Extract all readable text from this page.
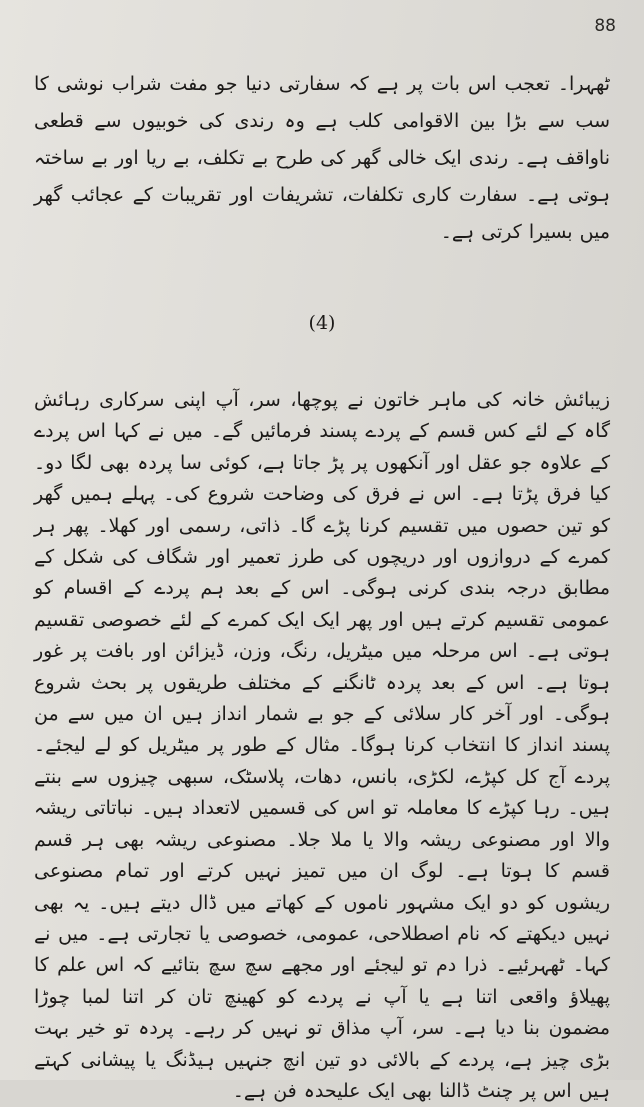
88

ٹھہرا۔ تعجب اس بات پر ہے کہ سفارتی دنیا جو مفت شراب نوشی کا سب سے بڑا بین الاقوامی کلب ہے وہ رندی کی خوبیوں سے قطعی ناواقف ہے۔ رندی ایک خالی گھر کی طرح بے تکلف، بے ریا اور بے ساختہ ہوتی ہے۔ سفارت کاری تکلفات، تشریفات اور تقریبات کے عجائب گھر میں بسیرا کرتی ہے۔

(4)

زیبائش خانہ کی ماہر خاتون نے پوچھا، سر، آپ اپنی سرکاری رہائش گاہ کے لئے کس قسم کے پردے پسند فرمائیں گے۔ میں نے کہا اس پردے کے علاوہ جو عقل اور آنکھوں پر پڑ جاتا ہے، کوئی سا پردہ بھی لگا دو۔ کیا فرق پڑتا ہے۔ اس نے فرق کی وضاحت شروع کی۔ پہلے ہمیں گھر کو تین حصوں میں تقسیم کرنا پڑے گا۔ ذاتی، رسمی اور کھلا۔ پھر ہر کمرے کے دروازوں اور دریچوں کی طرز تعمیر اور شگاف کی شکل کے مطابق درجہ بندی کرنی ہوگی۔ اس کے بعد ہم پردے کے اقسام کو عمومی تقسیم کرتے ہیں اور پھر ایک ایک کمرے کے لئے خصوصی تقسیم ہوتی ہے۔ اس مرحلہ میں میٹریل، رنگ، وزن، ڈیزائن اور بافت پر غور ہوتا ہے۔ اس کے بعد پردہ ٹانگنے کے مختلف طریقوں پر بحث شروع ہوگی۔ اور آخر کار سلائی کے جو بے شمار انداز ہیں ان میں سے من پسند انداز کا انتخاب کرنا ہوگا۔ مثال کے طور پر میٹریل کو لے لیجئے۔ پردے آج کل کپڑے، لکڑی، بانس، دھات، پلاسٹک، سبھی چیزوں سے بنتے ہیں۔ رہا کپڑے کا معاملہ تو اس کی قسمیں لاتعداد ہیں۔ نباتاتی ریشہ والا اور مصنوعی ریشہ والا یا ملا جلا۔ مصنوعی ریشہ بھی ہر قسم قسم کا ہوتا ہے۔ لوگ ان میں تمیز نہیں کرتے اور تمام مصنوعی ریشوں کو دو ایک مشہور ناموں کے کھاتے میں ڈال دیتے ہیں۔ یہ بھی نہیں دیکھتے کہ نام اصطلاحی، عمومی، خصوصی یا تجارتی ہے۔ میں نے کہا۔ ٹھہرئیے۔ ذرا دم تو لیجئے اور مجھے سچ سچ بتائیے کہ اس علم کا پھیلاؤ واقعی اتنا ہے یا آپ نے پردے کو کھینچ تان کر اتنا لمبا چوڑا مضمون بنا دیا ہے۔ سر، آپ مذاق تو نہیں کر رہے۔ پردہ تو خیر بہت بڑی چیز ہے، پردے کے بالائی دو تین انچ جنہیں ہیڈنگ یا پیشانی کہتے ہیں اس پر چنٹ ڈالنا بھی ایک علیحدہ فن ہے۔
